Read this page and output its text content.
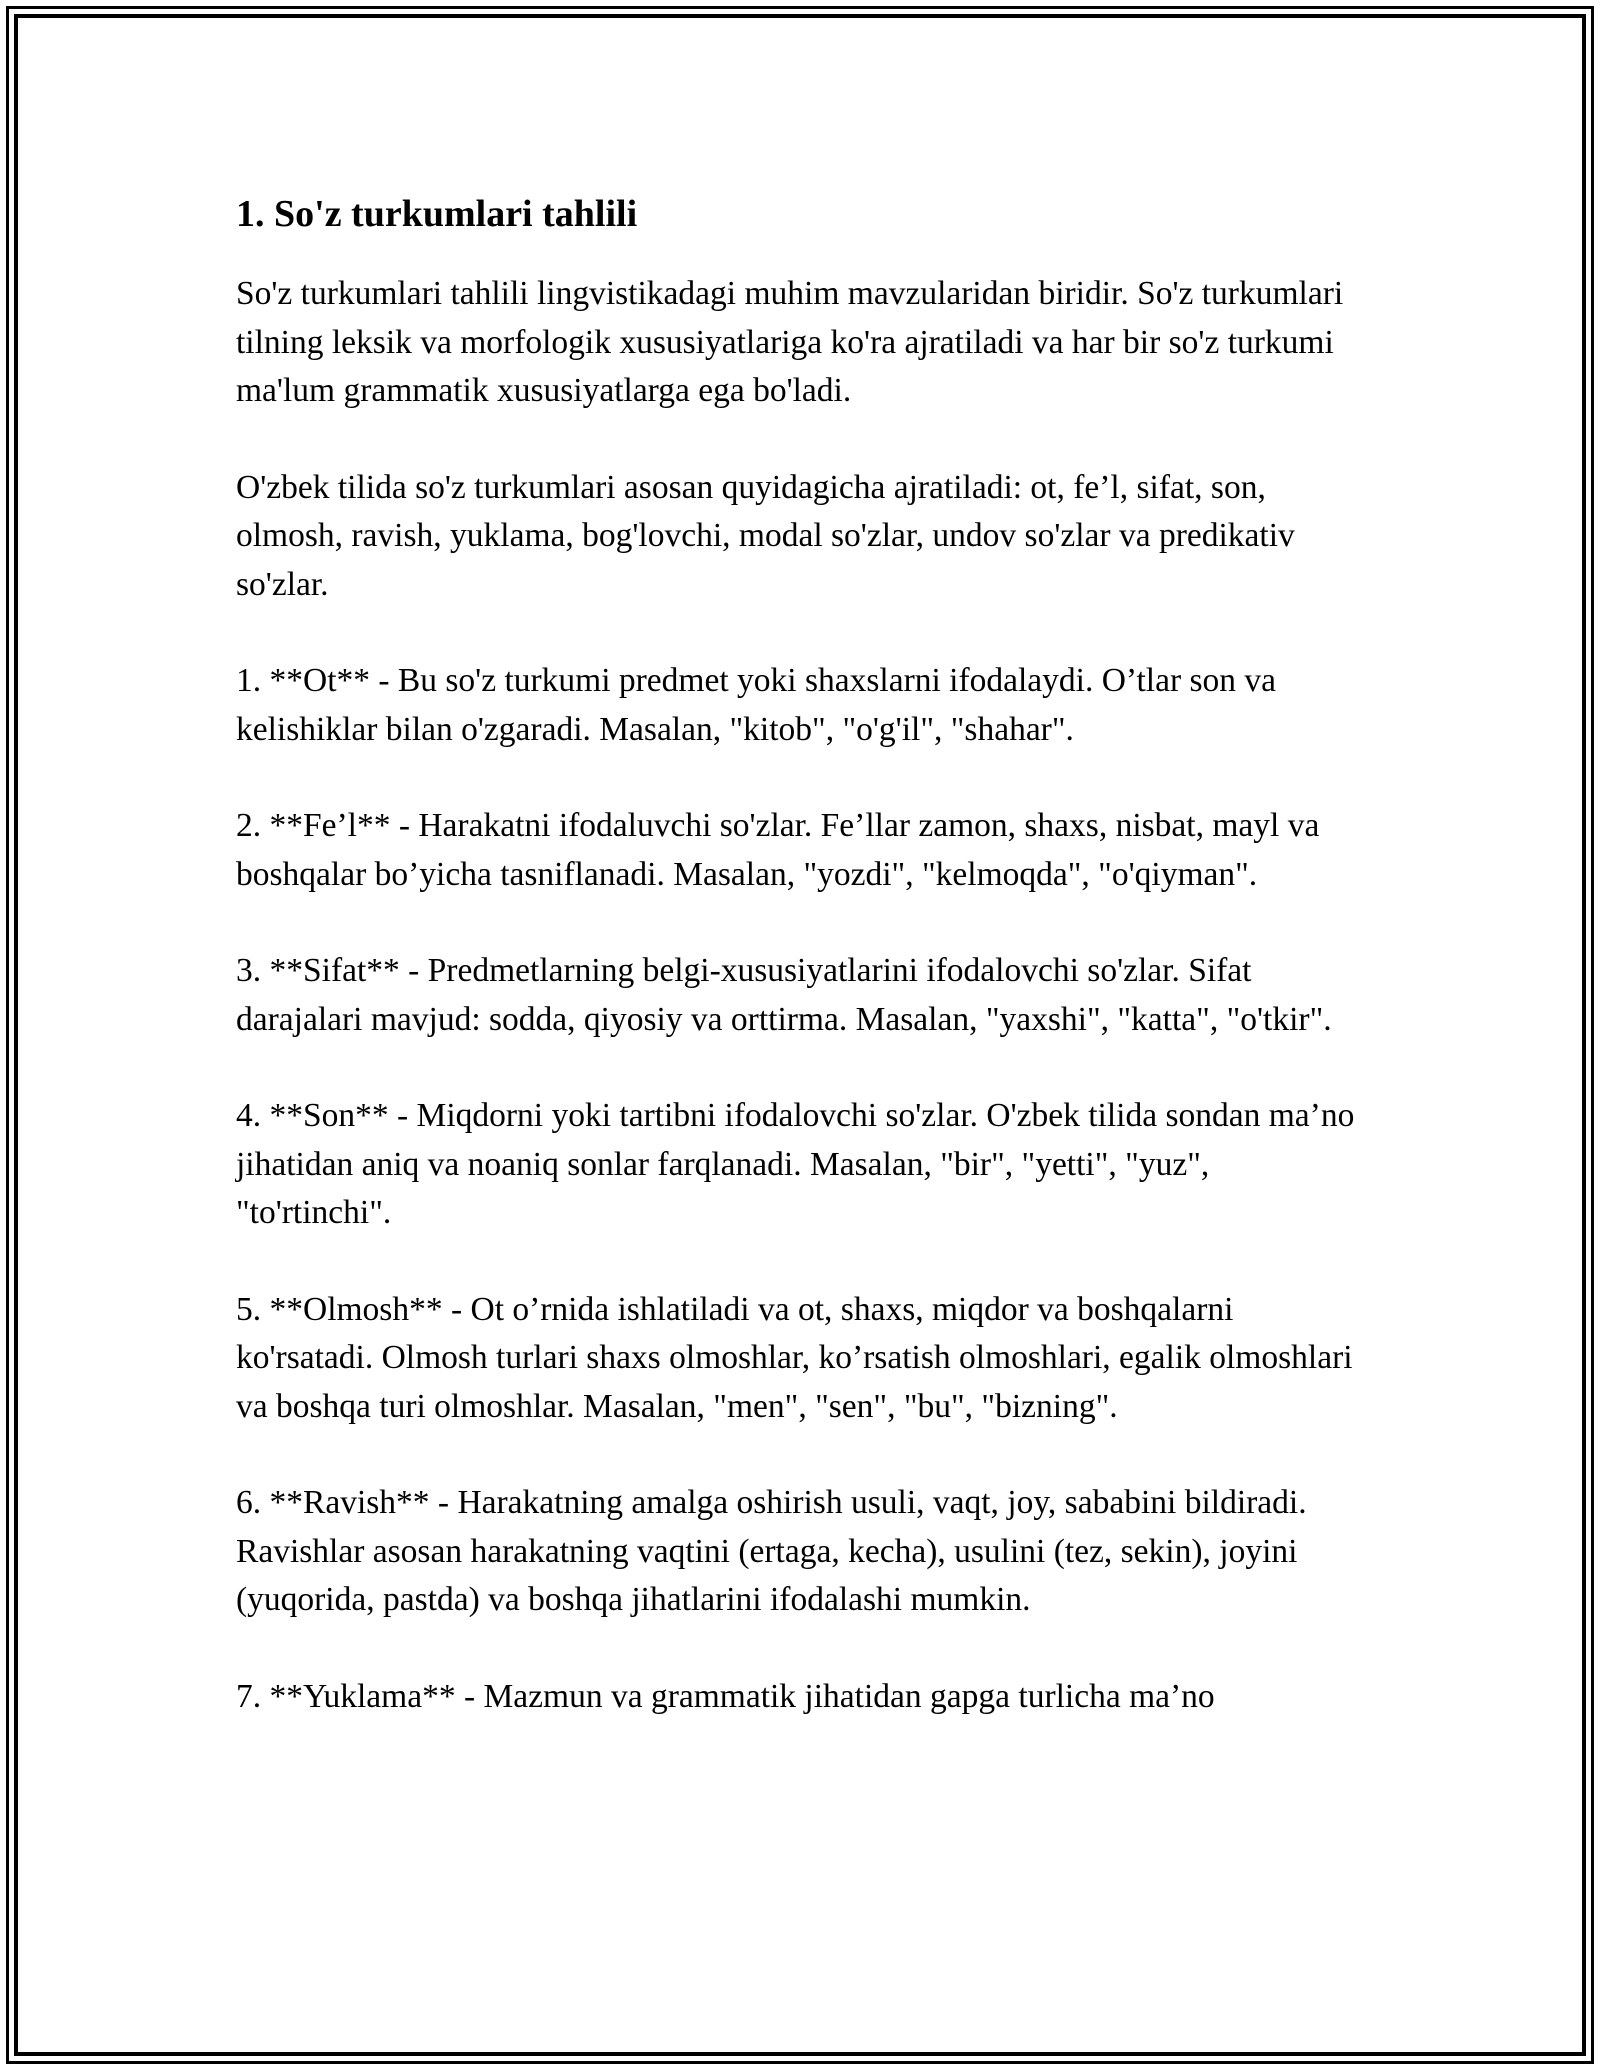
1. So'z turkumlari tahlili

So'z turkumlari tahlili lingvistikadagi muhim mavzularidan biridir. So'z turkumlari tilning leksik va morfologik xususiyatlariga ko'ra ajratiladi va har bir so'z turkumi ma'lum grammatik xususiyatlarga ega bo'ladi.

O'zbek tilida so'z turkumlari asosan quyidagicha ajratiladi: ot, fe’l, sifat, son, olmosh, ravish, yuklama, bog'lovchi, modal so'zlar, undov so'zlar va predikativ so'zlar.

1. **Ot** - Bu so'z turkumi predmet yoki shaxslarni ifodalaydi. O’tlar son va kelishiklar bilan o'zgaradi. Masalan, "kitob", "o'g'il", "shahar".

2. **Fe’l** - Harakatni ifodaluvchi so'zlar. Fe’llar zamon, shaxs, nisbat, mayl va boshqalar bo’yicha tasniflanadi. Masalan, "yozdi", "kelmoqda", "o'qiyman".

3. **Sifat** - Predmetlarning belgi-xususiyatlarini ifodalovchi so'zlar. Sifat darajalari mavjud: sodda, qiyosiy va orttirma. Masalan, "yaxshi", "katta", "o'tkir".

4. **Son** - Miqdorni yoki tartibni ifodalovchi so'zlar. O'zbek tilida sondan ma’no jihatidan aniq va noaniq sonlar farqlanadi. Masalan, "bir", "yetti", "yuz", "to'rtinchi".

5. **Olmosh** - Ot o’rnida ishlatiladi va ot, shaxs, miqdor va boshqalarni ko'rsatadi. Olmosh turlari shaxs olmoshlar, ko’rsatish olmoshlari, egalik olmoshlari va boshqa turi olmoshlar. Masalan, "men", "sen", "bu", "bizning".

6. **Ravish** - Harakatning amalga oshirish usuli, vaqt, joy, sababini bildiradi. Ravishlar asosan harakatning vaqtini (ertaga, kecha), usulini (tez, sekin), joyini (yuqorida, pastda) va boshqa jihatlarini ifodalashi mumkin.

7. **Yuklama** - Mazmun va grammatik jihatidan gapga turlicha ma’no
